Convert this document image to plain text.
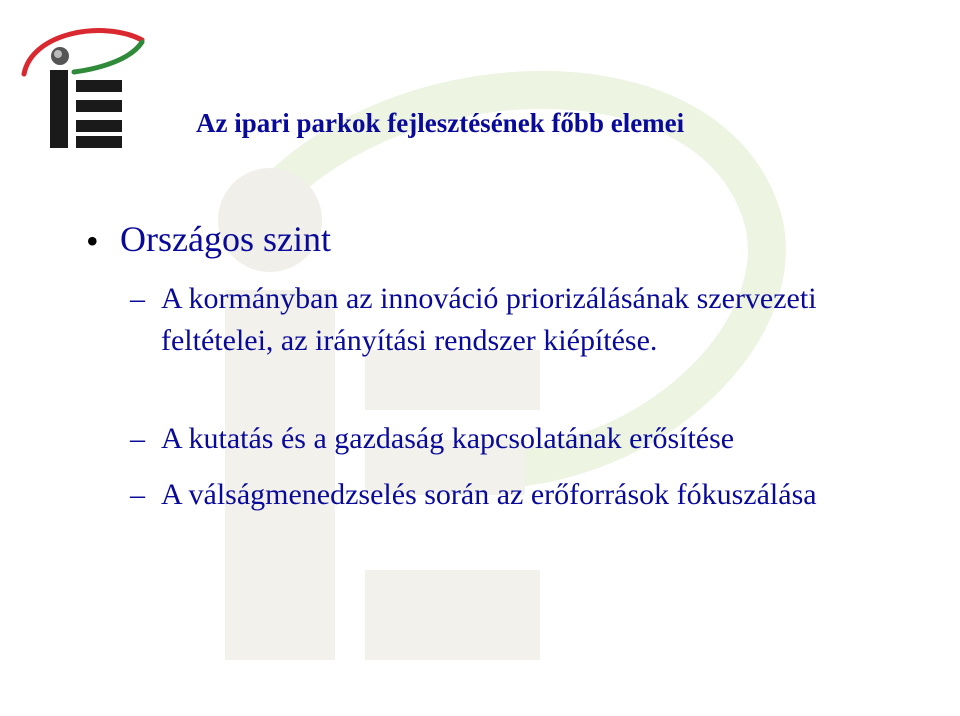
Az ipari parkok fejlesztésének főbb elemei
• Országos szint
– A kormányban az innováció priorizálásának szervezeti feltételei, az irányítási rendszer kiépítése.
– A kutatás és a gazdaság kapcsolatának erősítése
– A válságmenedzselés során az erőforrások fókuszálása
